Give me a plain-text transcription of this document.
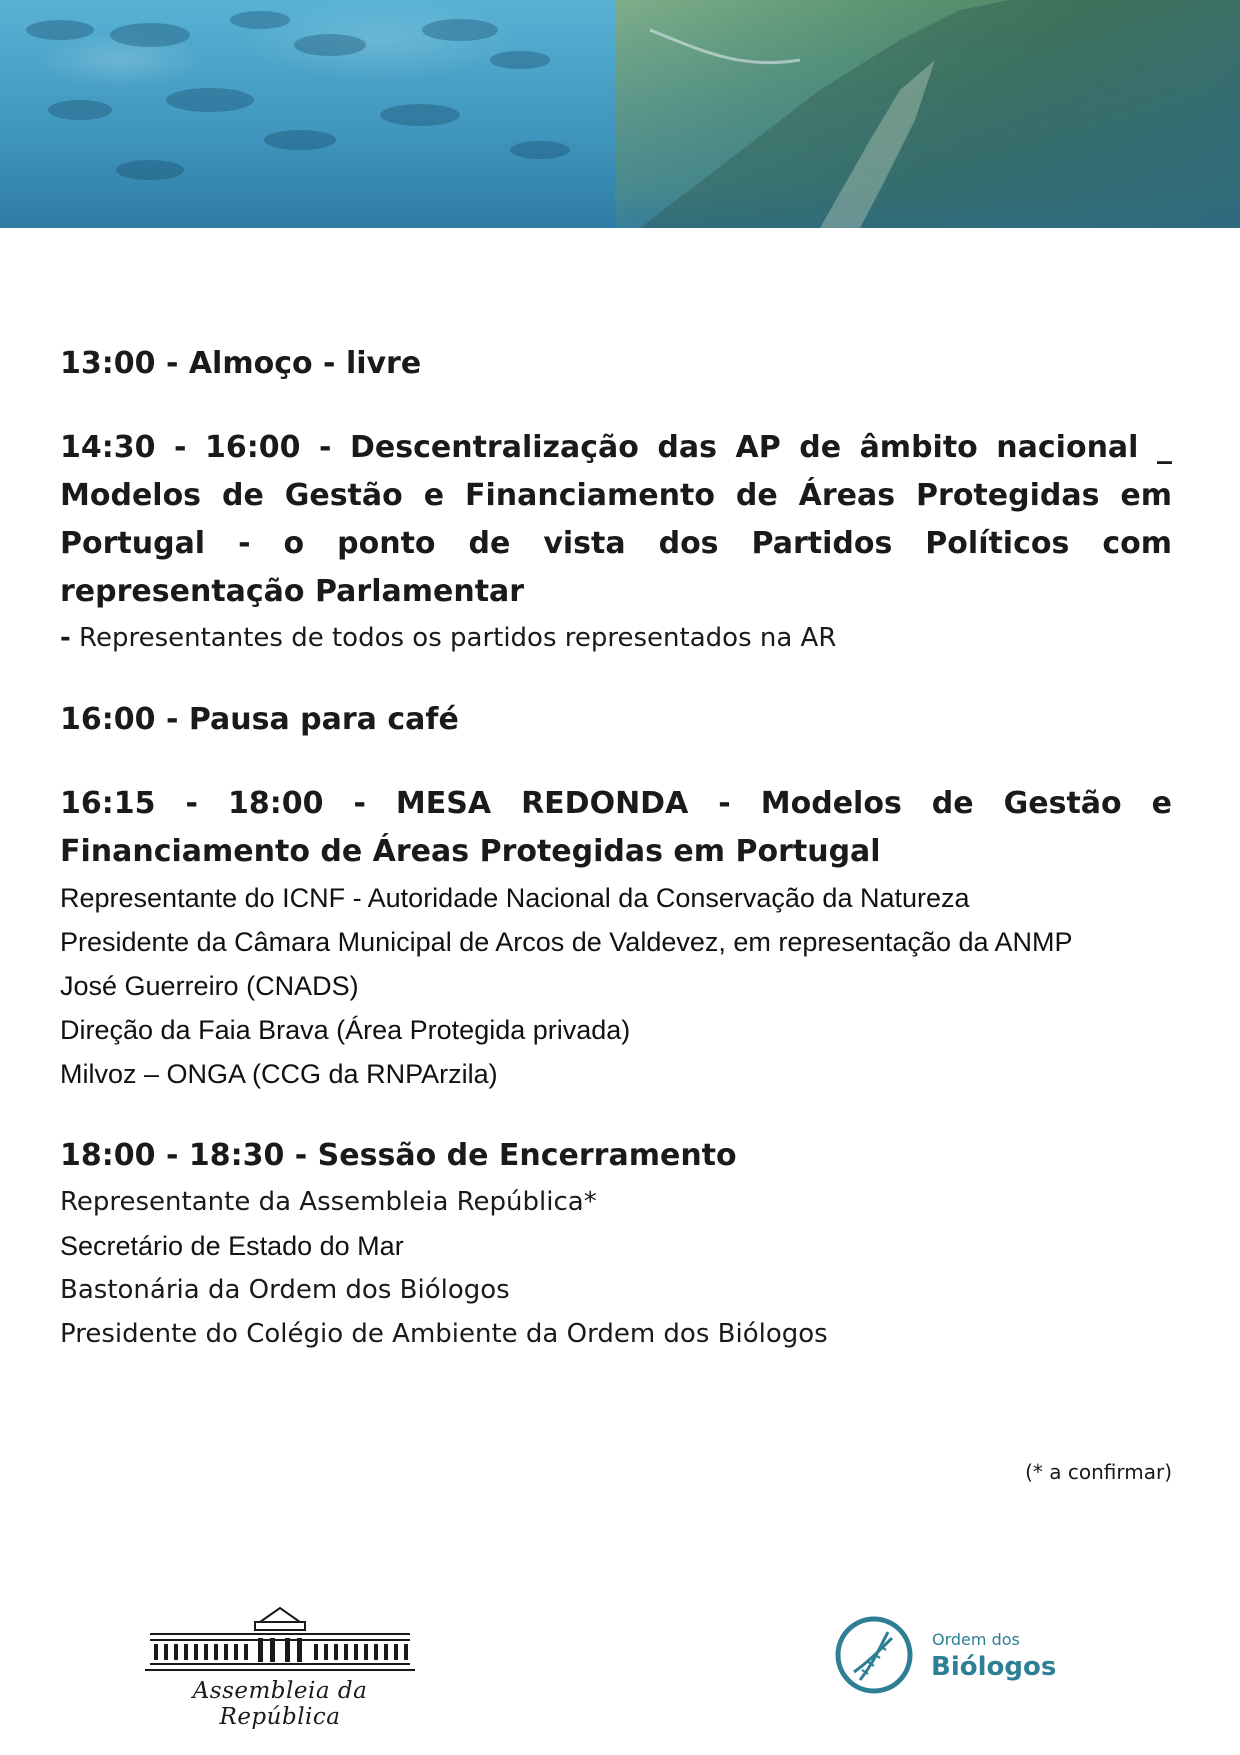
13:00 - Almoço - livre

14:30 - 16:00 - Descentralização das AP de âmbito nacional _ Modelos de Gestão e Financiamento de Áreas Protegidas em Portugal - o ponto de vista dos Partidos Políticos com representação Parlamentar

- Representantes de todos os partidos representados na AR

16:00 - Pausa para café

16:15 - 18:00 - MESA REDONDA - Modelos de Gestão e Financiamento de Áreas Protegidas em Portugal

Representante do ICNF - Autoridade Nacional da Conservação da Natureza

Presidente da Câmara Municipal de Arcos de Valdevez, em representação da ANMP

José Guerreiro (CNADS)

Direção da Faia Brava (Área Protegida privada)

Milvoz – ONGA (CCG da RNPArzila)

18:00 - 18:30 - Sessão de Encerramento

Representante da Assembleia República*

Secretário de Estado do Mar

Bastonária da Ordem dos Biólogos

Presidente do Colégio de Ambiente da Ordem dos Biólogos

(* a confirmar)
Assembleia da República
Ordem dos
Biólogos
